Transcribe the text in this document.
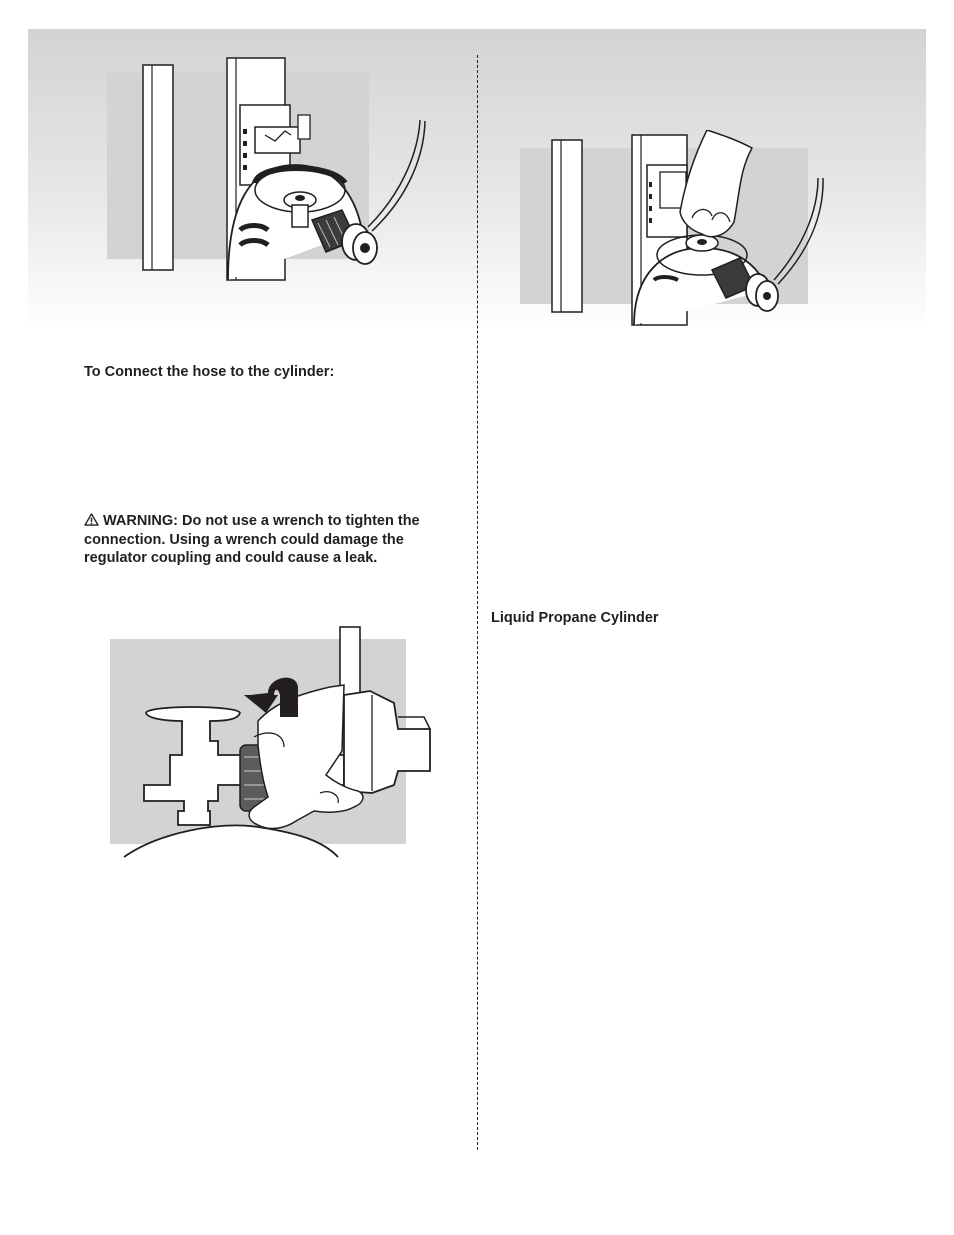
To Connect the hose to the cylinder:

WARNING: Do not use a wrench to tighten the connection. Using a wrench could damage the regulator coupling and could cause a leak.

Liquid Propane Cylinder
